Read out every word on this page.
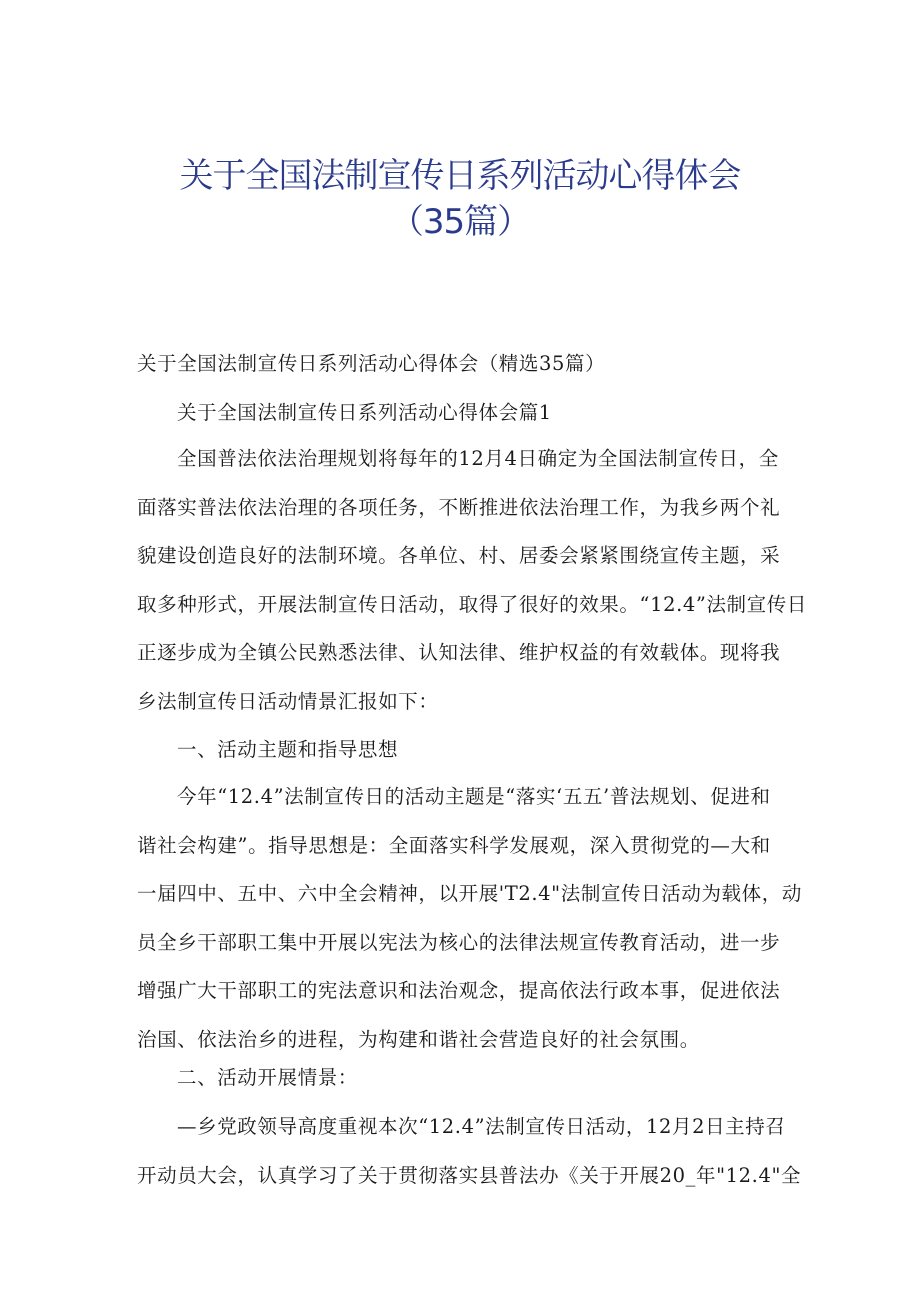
关于全国法制宣传日系列活动心得体会
（35篇）

关于全国法制宣传日系列活动心得体会（精选35篇）

关于全国法制宣传日系列活动心得体会篇1

全国普法依法治理规划将每年的12月4日确定为全国法制宣传日，全
面落实普法依法治理的各项任务，不断推进依法治理工作，为我乡两个礼
貌建设创造良好的法制环境。各单位、村、居委会紧紧围绕宣传主题，采
取多种形式，开展法制宣传日活动，取得了很好的效果。“12.4”法制宣传日
正逐步成为全镇公民熟悉法律、认知法律、维护权益的有效载体。现将我
乡法制宣传日活动情景汇报如下：

一、活动主题和指导思想

今年“12.4”法制宣传日的活动主题是“落实‘五五’普法规划、促进和
谐社会构建”。指导思想是：全面落实科学发展观，深入贯彻党的—大和
一届四中、五中、六中全会精神，以开展'T2.4"法制宣传日活动为载体，动
员全乡干部职工集中开展以宪法为核心的法律法规宣传教育活动，进一步
增强广大干部职工的宪法意识和法治观念，提高依法行政本事，促进依法
治国、依法治乡的进程，为构建和谐社会营造良好的社会氛围。

二、活动开展情景：

—乡党政领导高度重视本次“12.4”法制宣传日活动，12月2日主持召
开动员大会，认真学习了关于贯彻落实县普法办《关于开展20_年"12.4"全
